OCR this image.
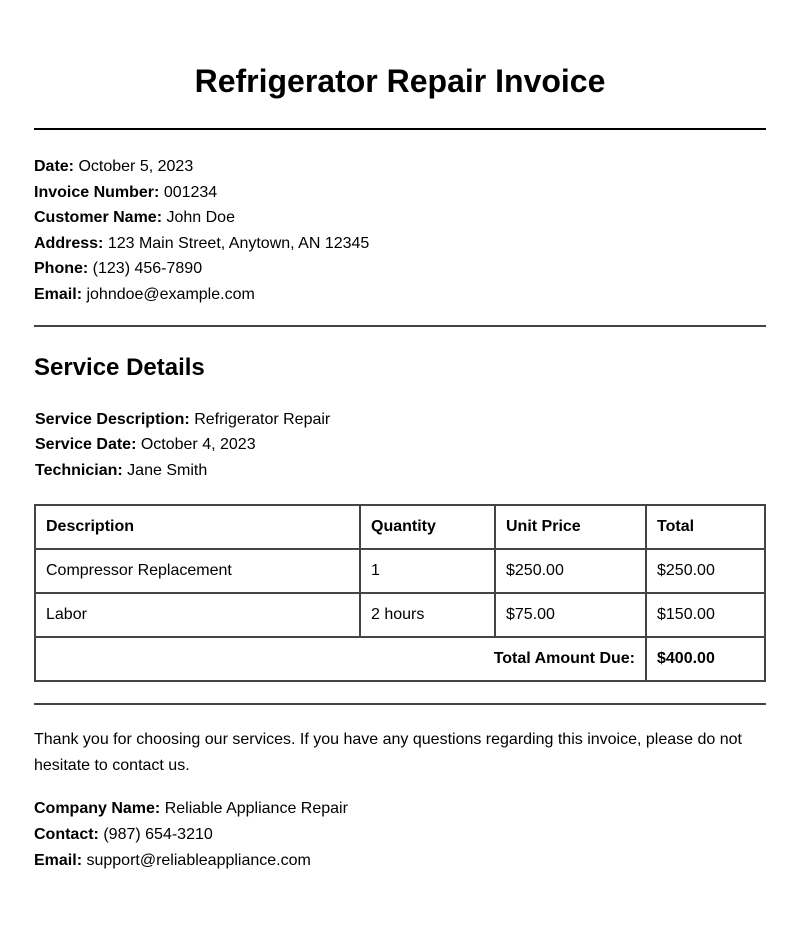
Refrigerator Repair Invoice
Date: October 5, 2023
Invoice Number: 001234
Customer Name: John Doe
Address: 123 Main Street, Anytown, AN 12345
Phone: (123) 456-7890
Email: johndoe@example.com
Service Details
Service Description: Refrigerator Repair
Service Date: October 4, 2023
Technician: Jane Smith
Description	Quantity	Unit Price	Total
Compressor Replacement	1	$250.00	$250.00
Labor	2 hours	$75.00	$150.00
Total Amount Due:			$400.00
Thank you for choosing our services. If you have any questions regarding this invoice, please do not hesitate to contact us.
Company Name: Reliable Appliance Repair
Contact: (987) 654-3210
Email: support@reliableappliance.com
